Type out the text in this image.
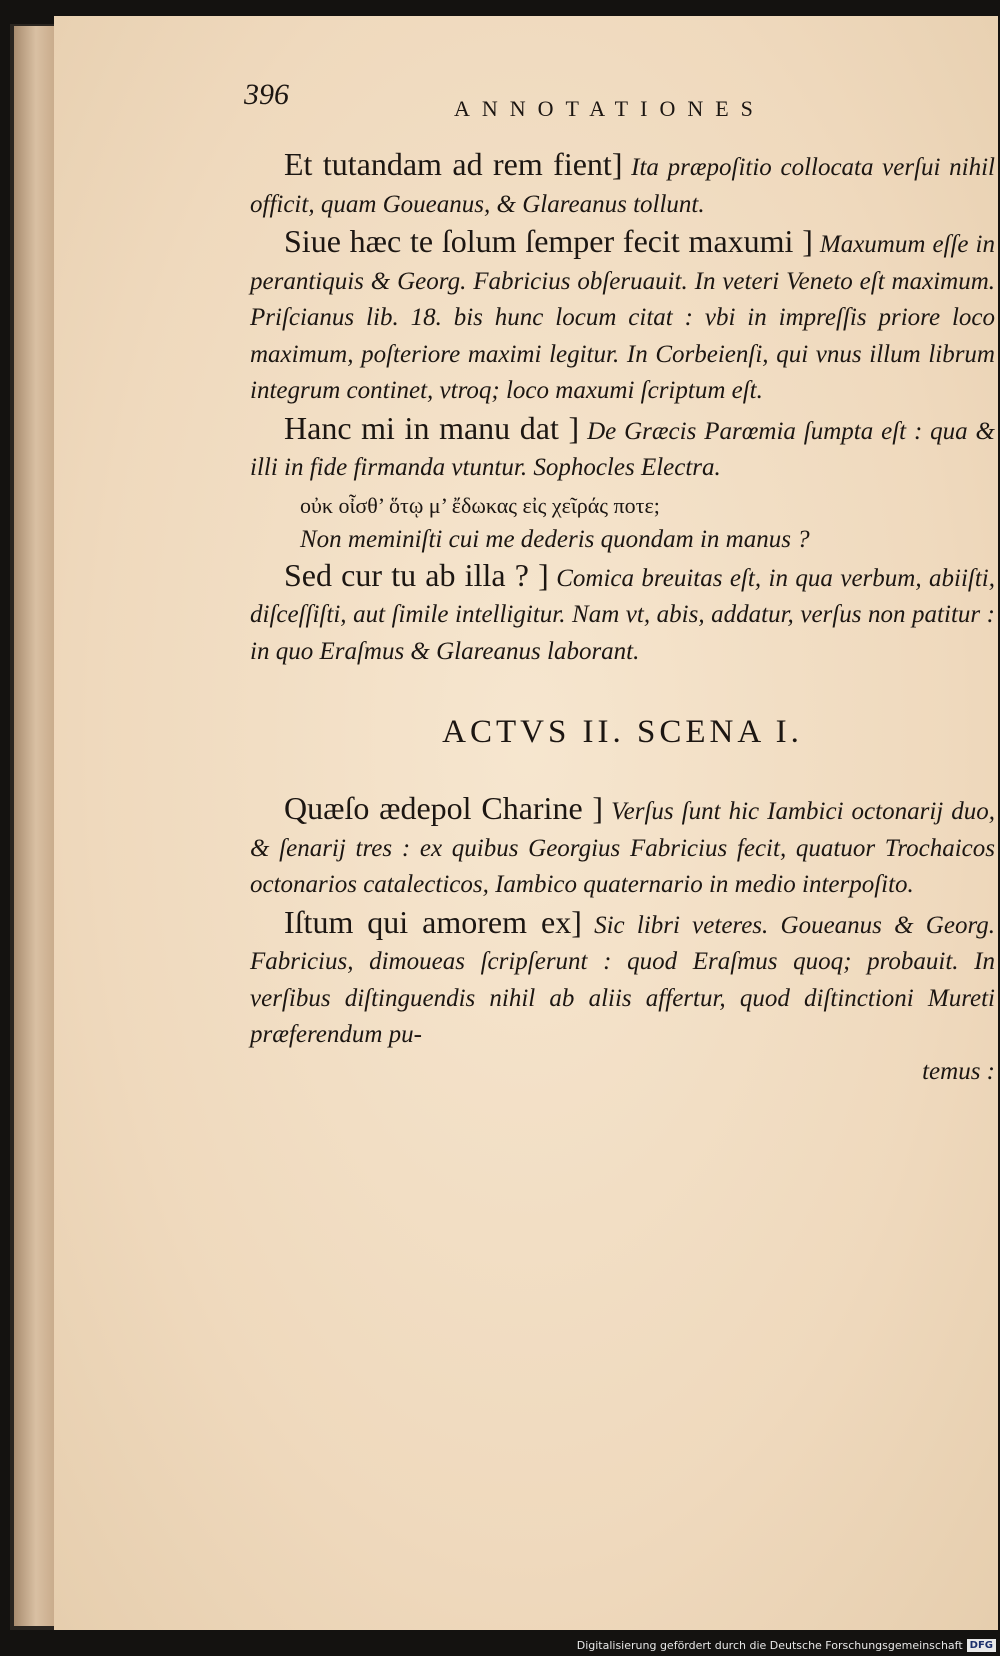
396	ANNOTATIONES

Et tutandam ad rem fient] Ita præpoſitio collocata verſui nihil officit, quam Goueanus, & Glareanus tollunt.

Siue hæc te ſolum ſemper fecit maxumi ] Maxumum eſſe in perantiquis & Georg. Fabricius obſeruauit. In veteri Veneto eſt maximum. Priſcianus lib. 18. bis hunc locum citat : vbi in impreſſis priore loco maximum, poſteriore maximi legitur. In Corbeienſi, qui vnus illum librum integrum continet, vtroq; loco maxumi ſcriptum eſt.

Hanc mi in manu dat ] De Græcis Parœmia ſumpta eſt : qua & illi in fide firmanda vtuntur. Sophocles Electra.

οὐκ οἶσθ’ ὅτῳ μ’ ἔδωκας εἰς χεῖράς ποτε;

Non meminiſti cui me dederis quondam in manus ?

Sed cur tu ab illa ? ] Comica breuitas eſt, in qua verbum, abiiſti, diſceſſiſti, aut ſimile intelligitur. Nam vt, abis, addatur, verſus non patitur : in quo Eraſmus & Glareanus laborant.

ACTVS II. SCENA I.

Quæſo ædepol Charine ] Verſus ſunt hic Iambici octonarij duo, & ſenarij tres : ex quibus Georgius Fabricius fecit, quatuor Trochaicos octonarios catalecticos, Iambico quaternario in medio interpoſito.

Iſtum qui amorem ex] Sic libri veteres. Goueanus & Georg. Fabricius, dimoueas ſcripſerunt : quod Eraſmus quoq; probauit. In verſibus diſtinguendis nihil ab aliis affertur, quod diſtinctioni Mureti præferendum pu-

temus :

Digitalisierung gefördert durch die Deutsche Forschungsgemeinschaft DFG
